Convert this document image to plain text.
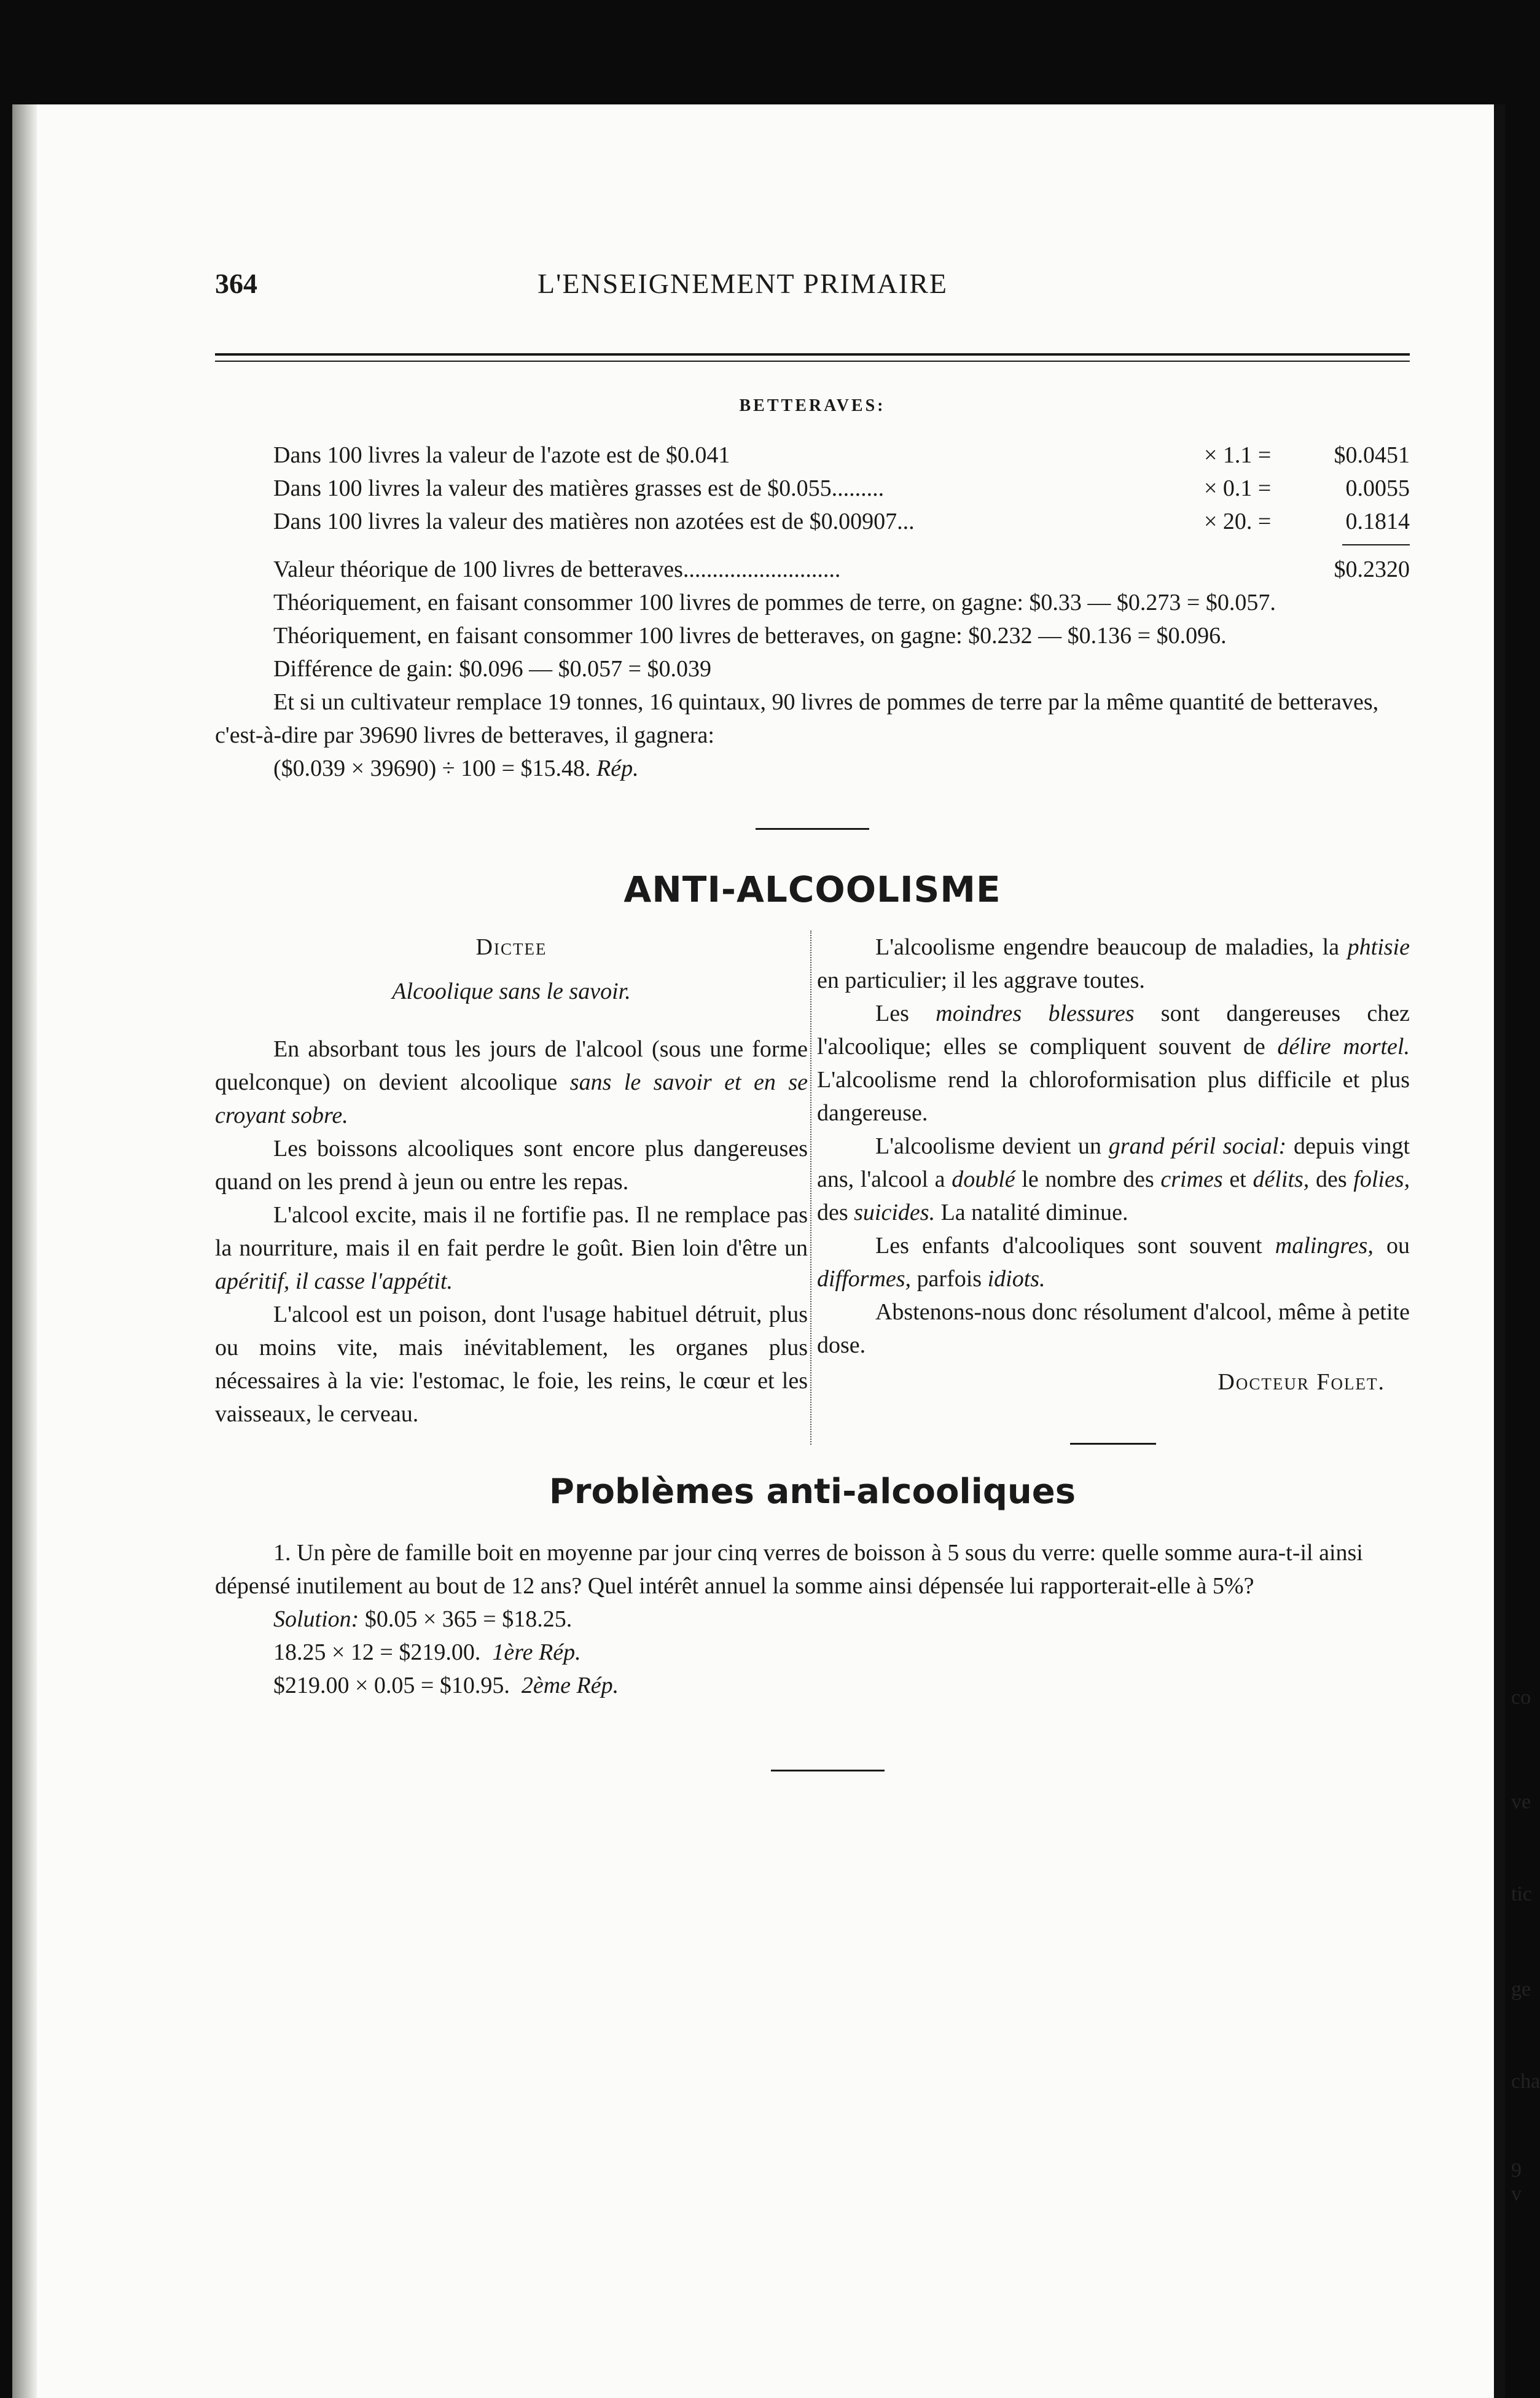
co
ve
tic
ge
cha
9 v
364	L'ENSEIGNEMENT PRIMAIRE
BETTERAVES:
Dans 100 livres la valeur de l'azote est de $0.041	× 1.1 =	$0.0451
Dans 100 livres la valeur des matières grasses est de $0.055.........	× 0.1 =	0.0055
Dans 100 livres la valeur des matières non azotées est de $0.00907...	× 20. =	0.1814
Valeur théorique de 100 livres de betteraves...........................	$0.2320

Théoriquement, en faisant consommer 100 livres de pommes de terre, on gagne: $0.33 — $0.273 = $0.057.

Théoriquement, en faisant consommer 100 livres de betteraves, on gagne: $0.232 — $0.136 = $0.096.

Différence de gain: $0.096 — $0.057 = $0.039

Et si un cultivateur remplace 19 tonnes, 16 quintaux, 90 livres de pommes de terre par la même quantité de betteraves, c'est-à-dire par 39690 livres de betteraves, il gagnera:

($0.039 × 39690) ÷ 100 = $15.48. Rép.

ANTI-ALCOOLISME

Dictee

Alcoolique sans le savoir.

En absorbant tous les jours de l'alcool (sous une forme quelconque) on devient alcoolique sans le savoir et en se croyant sobre.

Les boissons alcooliques sont encore plus dangereuses quand on les prend à jeun ou entre les repas.

L'alcool excite, mais il ne fortifie pas. Il ne remplace pas la nourriture, mais il en fait perdre le goût. Bien loin d'être un apéritif, il casse l'appétit.

L'alcool est un poison, dont l'usage habituel détruit, plus ou moins vite, mais inévitablement, les organes plus nécessaires à la vie: l'estomac, le foie, les reins, le cœur et les vaisseaux, le cerveau.

L'alcoolisme engendre beaucoup de maladies, la phtisie en particulier; il les aggrave toutes.

Les moindres blessures sont dangereuses chez l'alcoolique; elles se compliquent souvent de délire mortel. L'alcoolisme rend la chloroformisation plus difficile et plus dangereuse.

L'alcoolisme devient un grand péril social: depuis vingt ans, l'alcool a doublé le nombre des crimes et délits, des folies, des suicides. La natalité diminue.

Les enfants d'alcooliques sont souvent malingres, ou difformes, parfois idiots.

Abstenons-nous donc résolument d'alcool, même à petite dose.

Docteur Folet.

Problèmes anti-alcooliques

1. Un père de famille boit en moyenne par jour cinq verres de boisson à 5 sous du verre: quelle somme aura-t-il ainsi dépensé inutilement au bout de 12 ans? Quel intérêt annuel la somme ainsi dépensée lui rapporterait-elle à 5%?

Solution: $0.05 × 365 = $18.25.

18.25 × 12 = $219.00. 1ère Rép.

$219.00 × 0.05 = $10.95. 2ème Rép.
